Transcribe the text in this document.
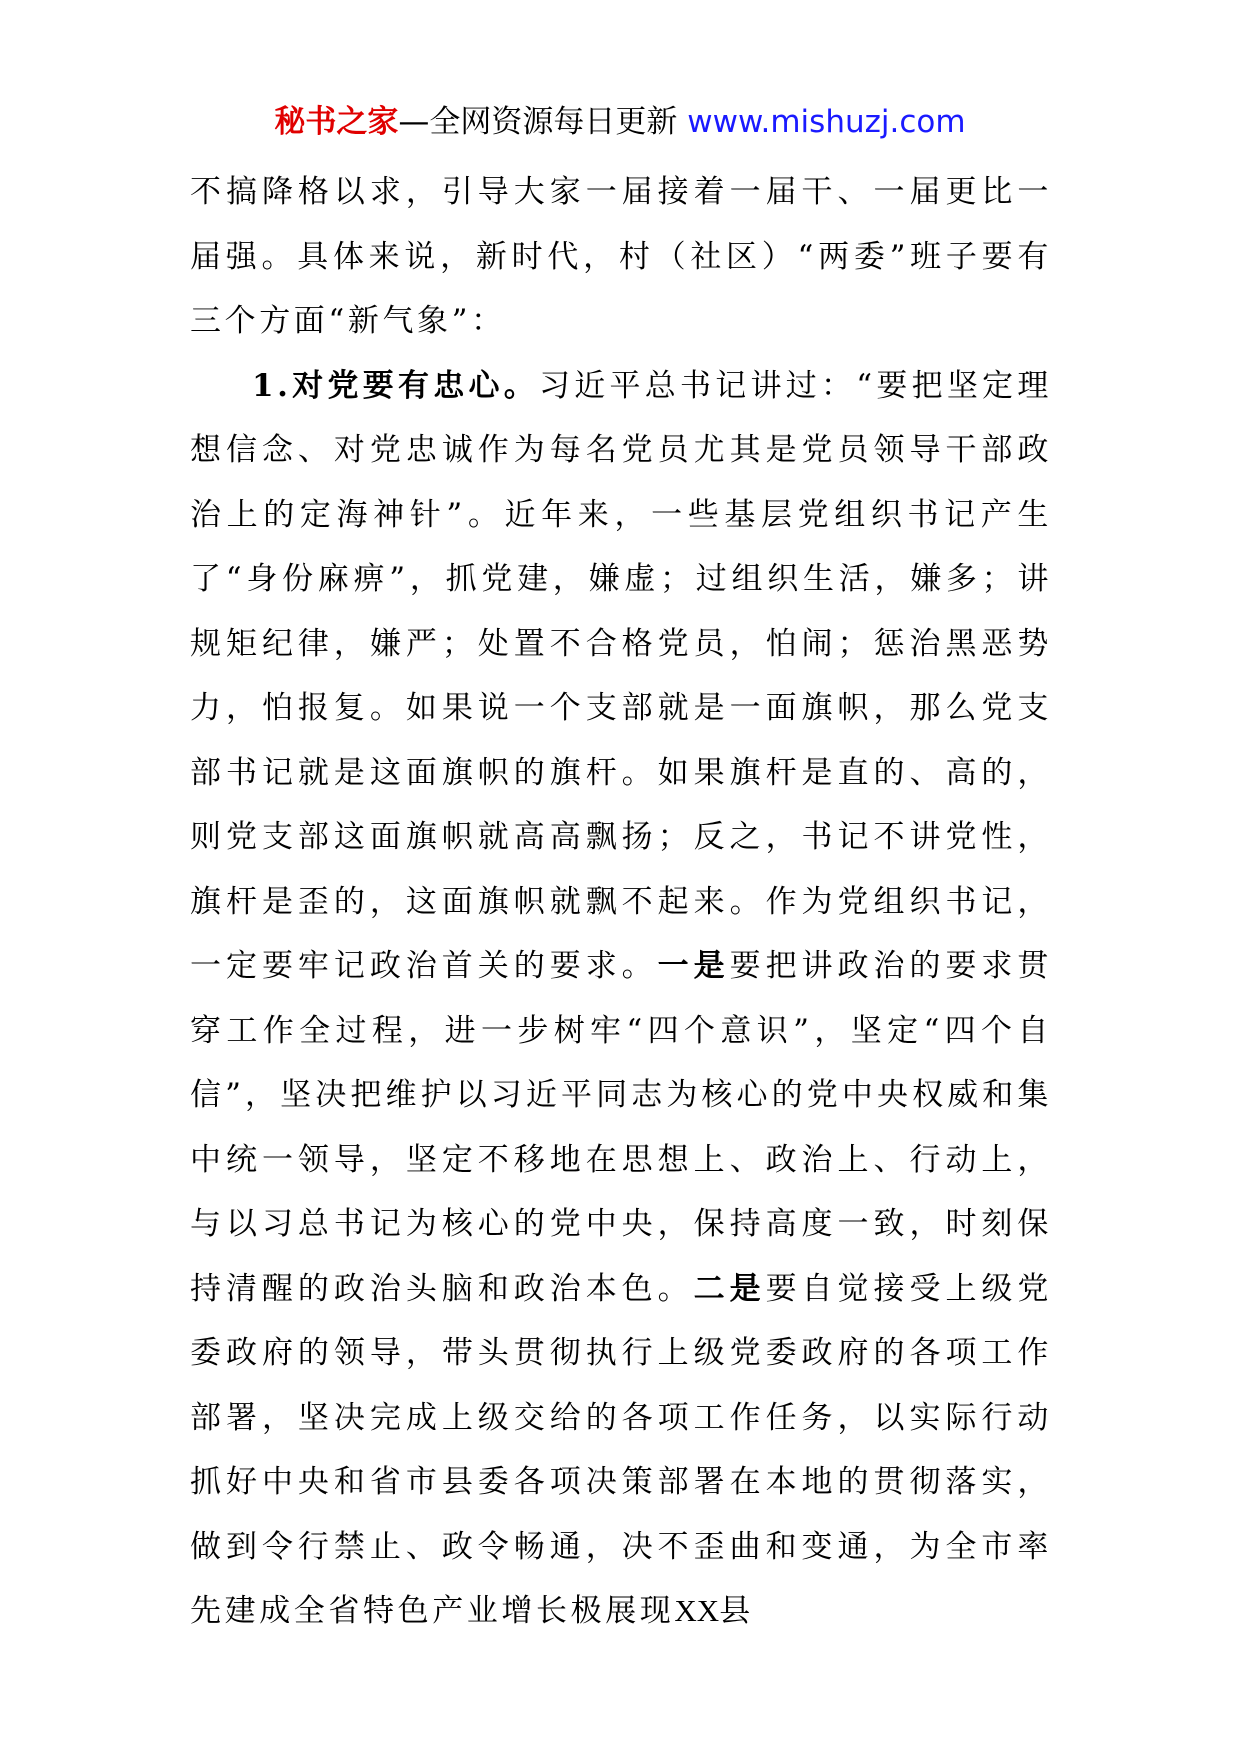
秘书之家—全网资源每日更新 www.mishuzj.com

不搞降格以求，引导大家一届接着一届干、一届更比一届强。具体来说，新时代，村（社区）“两委”班子要有三个方面“新气象”：

1.对党要有忠心。习近平总书记讲过：“要把坚定理想信念、对党忠诚作为每名党员尤其是党员领导干部政治上的定海神针”。近年来，一些基层党组织书记产生了“身份麻痹”，抓党建，嫌虚；过组织生活，嫌多；讲规矩纪律，嫌严；处置不合格党员，怕闹；惩治黑恶势力，怕报复。如果说一个支部就是一面旗帜，那么党支部书记就是这面旗帜的旗杆。如果旗杆是直的、高的，则党支部这面旗帜就高高飘扬；反之，书记不讲党性，旗杆是歪的，这面旗帜就飘不起来。作为党组织书记，一定要牢记政治首关的要求。一是要把讲政治的要求贯穿工作全过程，进一步树牢“四个意识”，坚定“四个自信”，坚决把维护以习近平同志为核心的党中央权威和集中统一领导，坚定不移地在思想上、政治上、行动上，与以习总书记为核心的党中央，保持高度一致，时刻保持清醒的政治头脑和政治本色。二是要自觉接受上级党委政府的领导，带头贯彻执行上级党委政府的各项工作部署，坚决完成上级交给的各项工作任务，以实际行动抓好中央和省市县委各项决策部署在本地的贯彻落实，做到令行禁止、政令畅通，决不歪曲和变通，为全市率先建成全省特色产业增长极展现XX县
